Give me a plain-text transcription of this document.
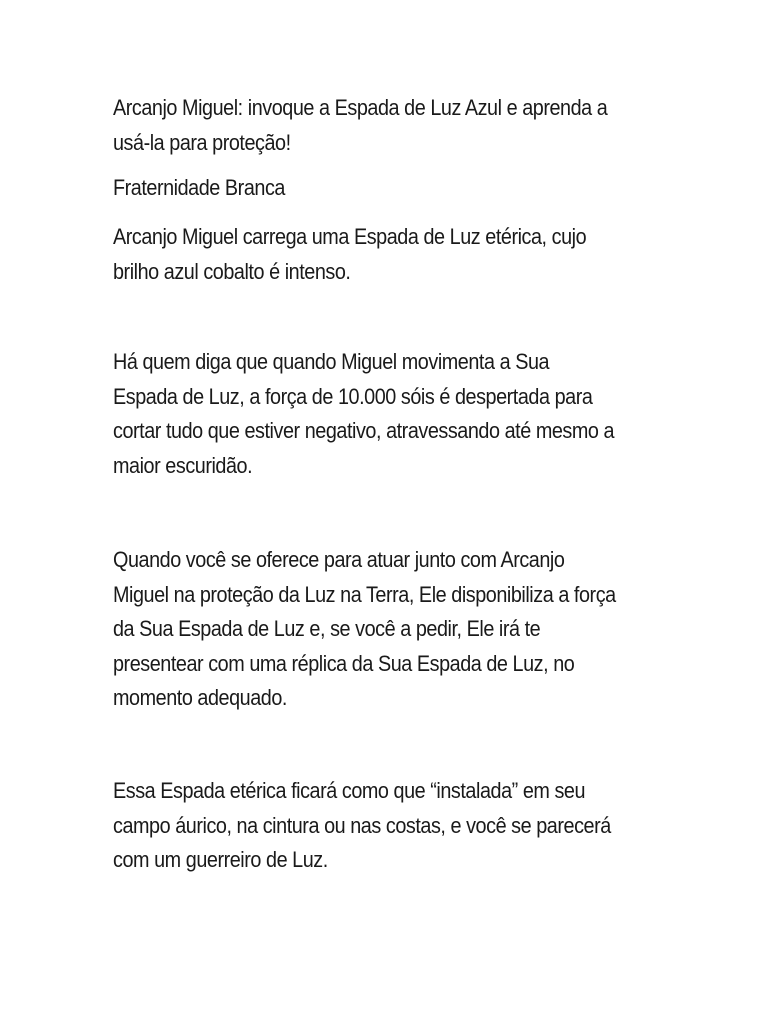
Arcanjo Miguel: invoque a Espada de Luz Azul e aprenda a usá-la para proteção!

Fraternidade Branca

Arcanjo Miguel carrega uma Espada de Luz etérica, cujo brilho azul cobalto é intenso.

Há quem diga que quando Miguel movimenta a Sua Espada de Luz, a força de 10.000 sóis é despertada para cortar tudo que estiver negativo, atravessando até mesmo a maior escuridão.

Quando você se oferece para atuar junto com Arcanjo Miguel na proteção da Luz na Terra, Ele disponibiliza a força da Sua Espada de Luz e, se você a pedir, Ele irá te presentear com uma réplica da Sua Espada de Luz, no momento adequado.

Essa Espada etérica ficará como que “instalada” em seu campo áurico, na cintura ou nas costas, e você se parecerá com um guerreiro de Luz.
